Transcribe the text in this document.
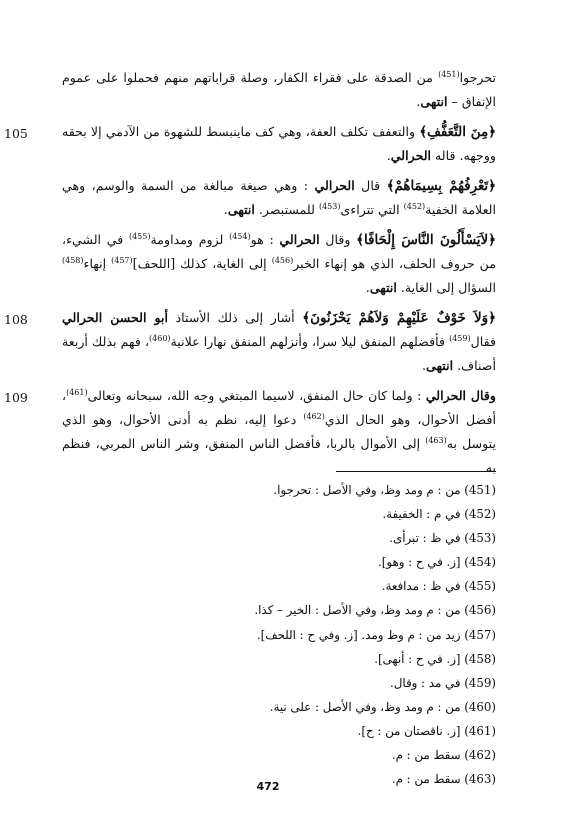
تحرجوا$^{(451)}$ من الصدقة على فقراء الكفار، وصلة قراباتهم منهم فحملوا على عموم الإنفاق – انتهى.

105	﴿مِنَ التَّعَفُّفِ﴾ والتعفف تكلف العفة، وهي كف ماينبسط للشهوة من الآدمي إلا بحقه ووجهه. قاله الحرالي.

﴿تَعْرِفُهُمْ بِسِيمَاهُمْ﴾ قال الحرالي : وهي صيغة مبالغة من السمة والوسم، وهي العلامة الخفية$^{(452)}$ التي تتراءى$^{(453)}$ للمستبصر. انتهى.

﴿لاَيَسْأَلُونَ النَّاسَ إِلْحَافًا﴾ وقال الحرالي : هو$^{(454)}$ لزوم ومداومة$^{(455)}$ في الشيء، من حروف الحلف، الذي هو إنهاء الخبر$^{(456)}$ إلى الغاية، كذلك [اللحف]$^{(457)}$ إنهاء$^{(458)}$ السؤال إلى الغاية. انتهى.

108	﴿وَلاَ خَوْفٌ عَلَيْهِمْ وَلاَهُمْ يَحْزَنُونَ﴾ أشار إلى ذلك الأستاذ أبو الحسن الحرالي فقال$^{(459)}$ فأفضلهم المنفق ليلا سرا، وأنزلهم المنفق نهارا علانية$^{(460)}$، فهم بذلك أربعة أصناف. انتهى.

109	وقال الحرالي : ولما كان حال المنفق، لاسيما المبتغي وجه الله، سبحانه وتعالى$^{(461)}$، أفضل الأحوال، وهو الحال الذي$^{(462)}$ دعوا إليه، نظم به أدنى الأحوال، وهو الذي يتوسل به$^{(463)}$ إلى الأموال بالربا، فأفضل الناس المنفق، وشر الناس المربي، فنظم به

(451) من : م ومد وظ، وفي الأصل : تحرجوا.
(452) في م : الخفيفة.
(453) في ظ : تبرأى.
(454) [ز. في ح : وهو].
(455) في ظ : مدافعة.
(456) من : م ومد وظ، وفي الأصل : الخير – كذا.
(457) زيد من : م وظ ومد. [ز. وفي ح : اللحف].
(458) [ز. في ح : أنهى].
(459) في مد : وقال.
(460) من : م ومد وظ، وفي الأصل : على نية.
(461) [ز. ناقصتان من : ح].
(462) سقط من : م.
(463) سقط من : م.
472
